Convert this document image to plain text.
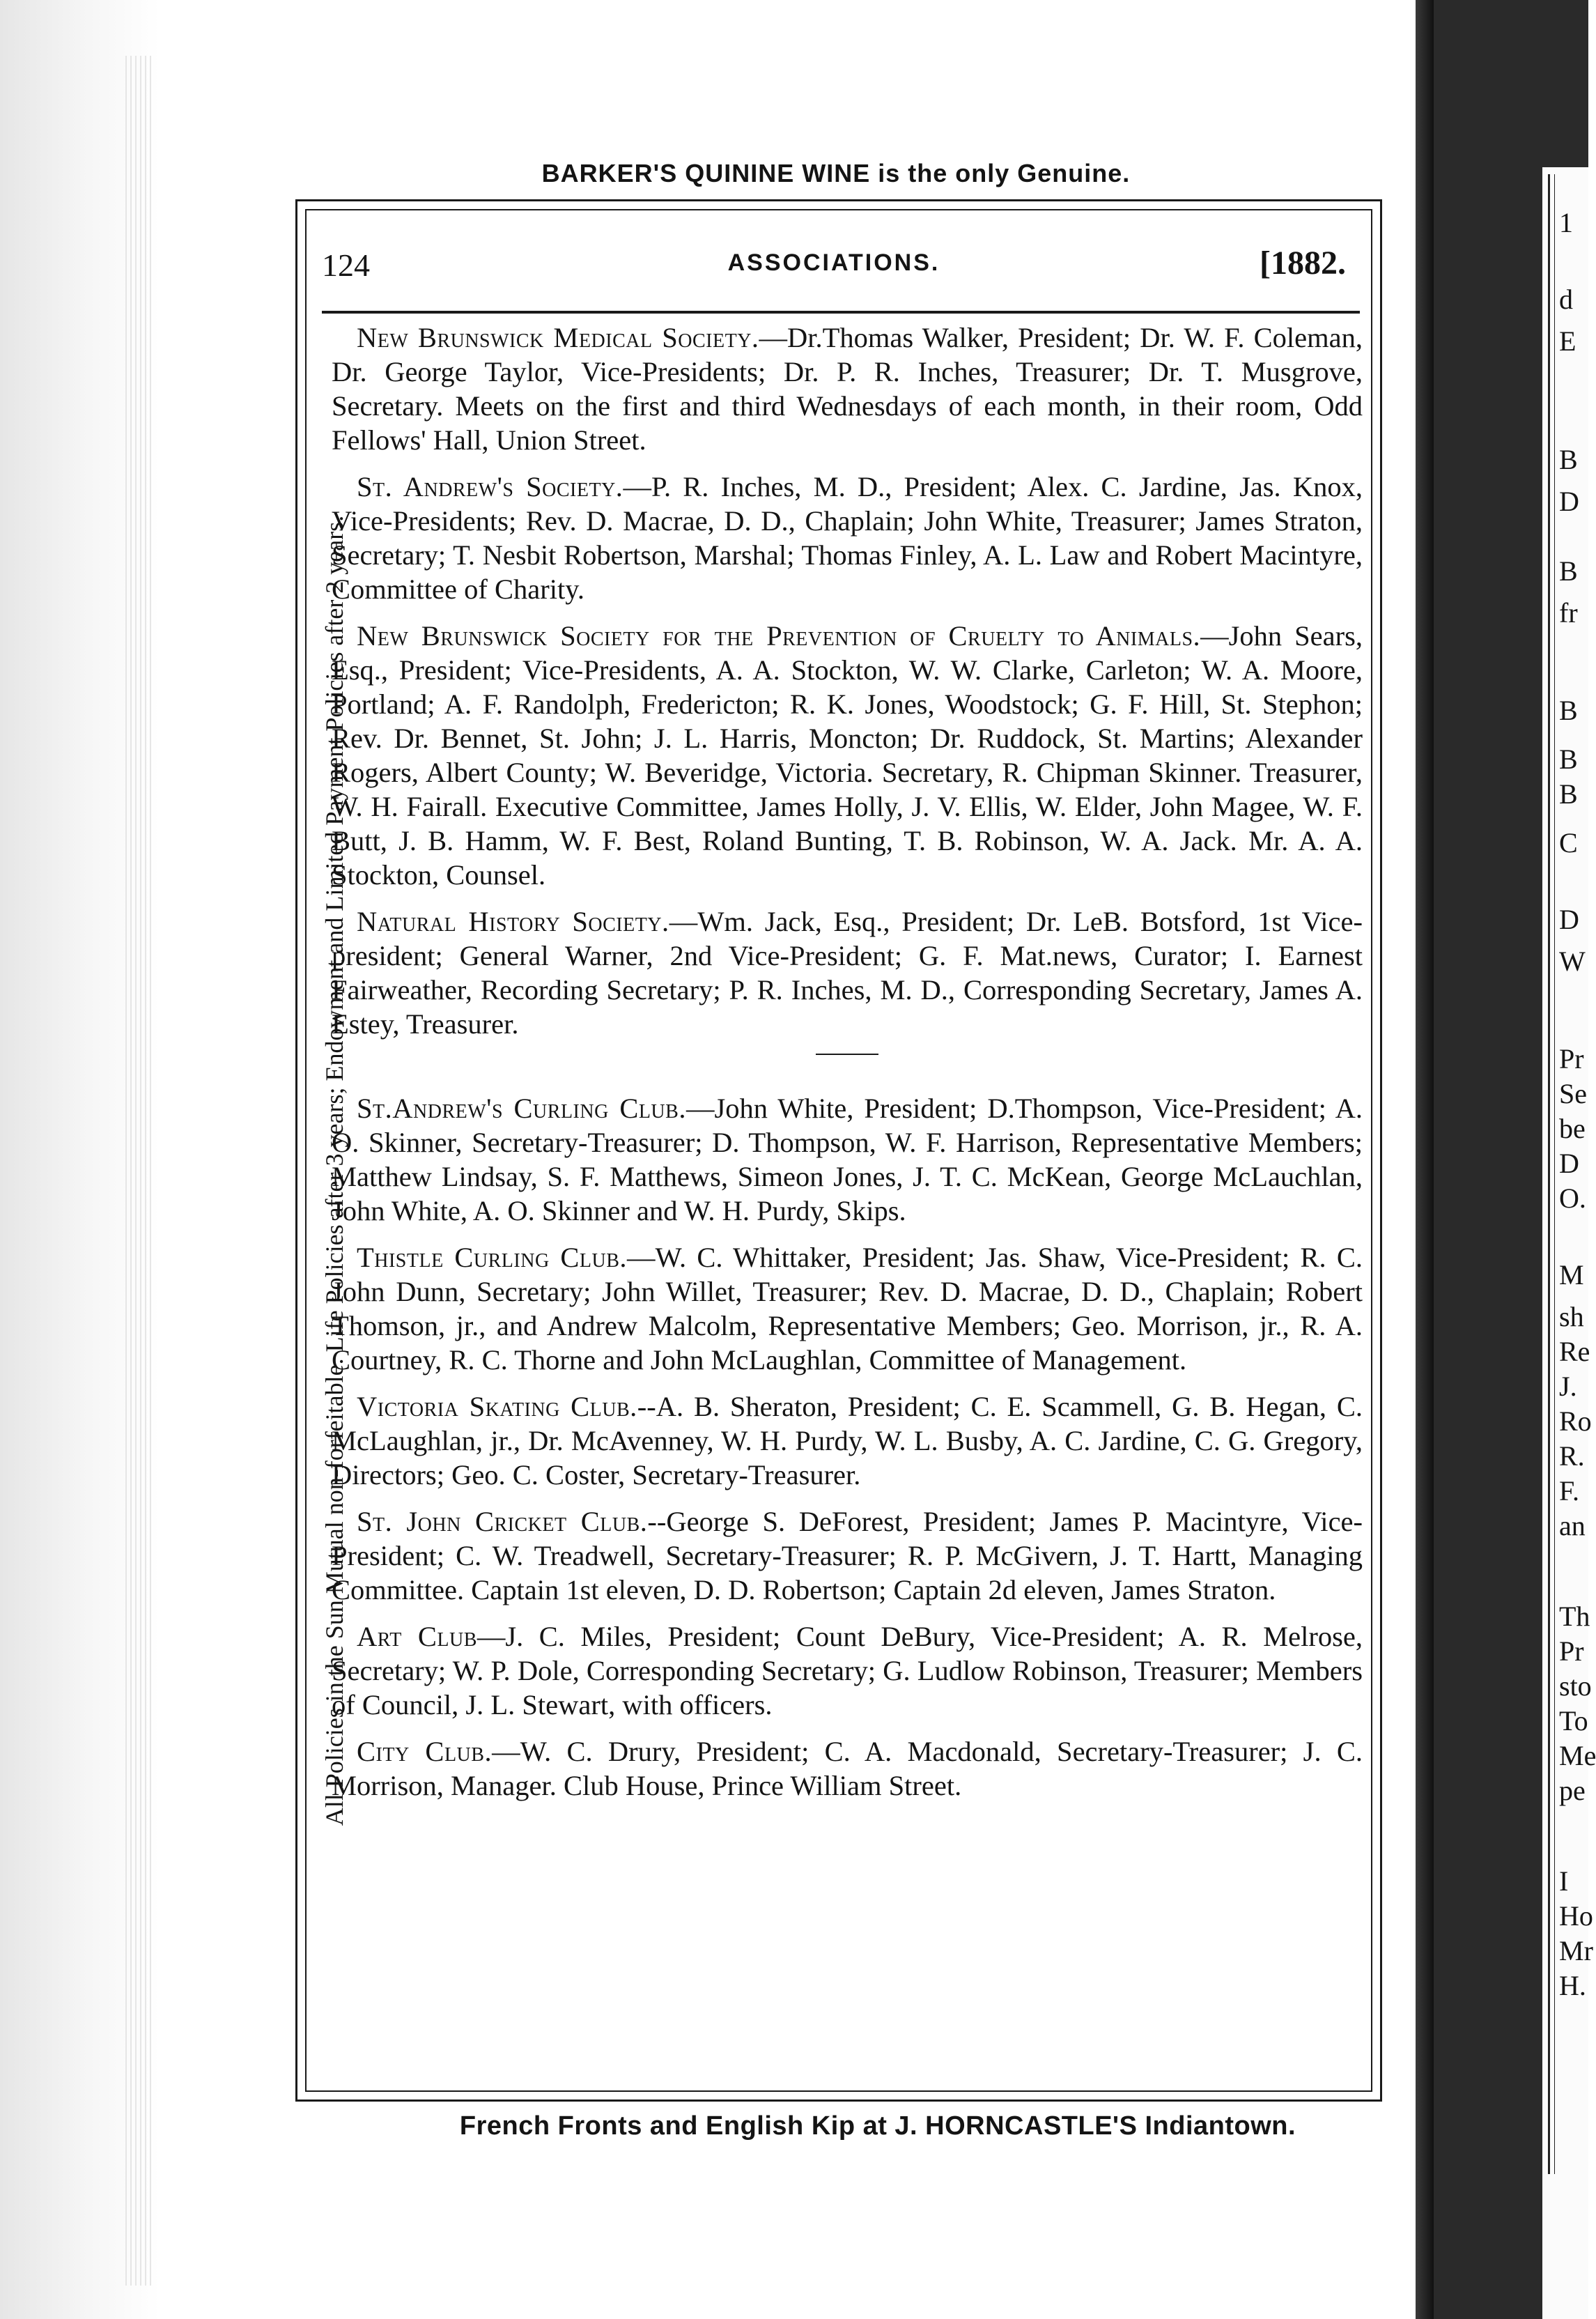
1
d
E
B
D
B
fr
B
B
B
C
D
W
Pr
Se
be
D
O.
M
sh
Re
J.
Ro
R.
F.
an
Th
Pr
sto
To
Me
pe
I
Ho
Mr
H.
BARKER'S QUININE WINE is the only Genuine.
All Policies in the Sun Mutual non-forfeitable. Life Policies after 3 years; Endowment and Limited Payment Policies after 2 years.
124	ASSOCIATIONS.	[1882.

New Brunswick Medical Society.—Dr.Thomas Walker, President; Dr. W. F. Coleman, Dr. George Taylor, Vice-Presidents; Dr. P. R. Inches, Treasurer; Dr. T. Musgrove, Secretary. Meets on the first and third Wednesdays of each month, in their room, Odd Fellows' Hall, Union Street.

St. Andrew's Society.—P. R. Inches, M. D., President; Alex. C. Jardine, Jas. Knox, Vice-Presidents; Rev. D. Macrae, D. D., Chaplain; John White, Treasurer; James Straton, Secretary; T. Nesbit Robertson, Marshal; Thomas Finley, A. L. Law and Robert Macintyre, Committee of Charity.

New Brunswick Society for the Prevention of Cruelty to Animals.—John Sears, Esq., President; Vice-Presidents, A. A. Stockton, W. W. Clarke, Carleton; W. A. Moore, Portland; A. F. Randolph, Fredericton; R. K. Jones, Woodstock; G. F. Hill, St. Stephon; Rev. Dr. Bennet, St. John; J. L. Harris, Moncton; Dr. Ruddock, St. Martins; Alexander Rogers, Albert County; W. Beveridge, Victoria. Secretary, R. Chipman Skinner. Treasurer, W. H. Fairall. Executive Committee, James Holly, J. V. Ellis, W. Elder, John Magee, W. F. Butt, J. B. Hamm, W. F. Best, Roland Bunting, T. B. Robinson, W. A. Jack. Mr. A. A. Stockton, Counsel.

Natural History Society.—Wm. Jack, Esq., President; Dr. LeB. Botsford, 1st Vice-president; General Warner, 2nd Vice-President; G. F. Mat.news, Curator; I. Earnest Fairweather, Recording Secretary; P. R. Inches, M. D., Corresponding Secretary, James A. Estey, Treasurer.

St.Andrew's Curling Club.—John White, President; D.Thompson, Vice-President; A. O. Skinner, Secretary-Treasurer; D. Thompson, W. F. Harrison, Representative Members; Matthew Lindsay, S. F. Matthews, Simeon Jones, J. T. C. McKean, George McLauchlan, John White, A. O. Skinner and W. H. Purdy, Skips.

Thistle Curling Club.—W. C. Whittaker, President; Jas. Shaw, Vice-President; R. C. John Dunn, Secretary; John Willet, Treasurer; Rev. D. Macrae, D. D., Chaplain; Robert Thomson, jr., and Andrew Malcolm, Representative Members; Geo. Morrison, jr., R. A. Courtney, R. C. Thorne and John McLaughlan, Committee of Management.

Victoria Skating Club.--A. B. Sheraton, President; C. E. Scammell, G. B. Hegan, C. McLaughlan, jr., Dr. McAvenney, W. H. Purdy, W. L. Busby, A. C. Jardine, C. G. Gregory, Directors; Geo. C. Coster, Secretary-Treasurer.

St. John Cricket Club.--George S. DeForest, President; James P. Macintyre, Vice-President; C. W. Treadwell, Secretary-Treasurer; R. P. McGivern, J. T. Hartt, Managing Committee. Captain 1st eleven, D. D. Robertson; Captain 2d eleven, James Straton.

Art Club—J. C. Miles, President; Count DeBury, Vice-President; A. R. Melrose, Secretary; W. P. Dole, Corresponding Secretary; G. Ludlow Robinson, Treasurer; Members of Council, J. L. Stewart, with officers.

City Club.—W. C. Drury, President; C. A. Macdonald, Secretary-Treasurer; J. C. Morrison, Manager. Club House, Prince William Street.

French Fronts and English Kip at J. HORNCASTLE'S Indiantown.
